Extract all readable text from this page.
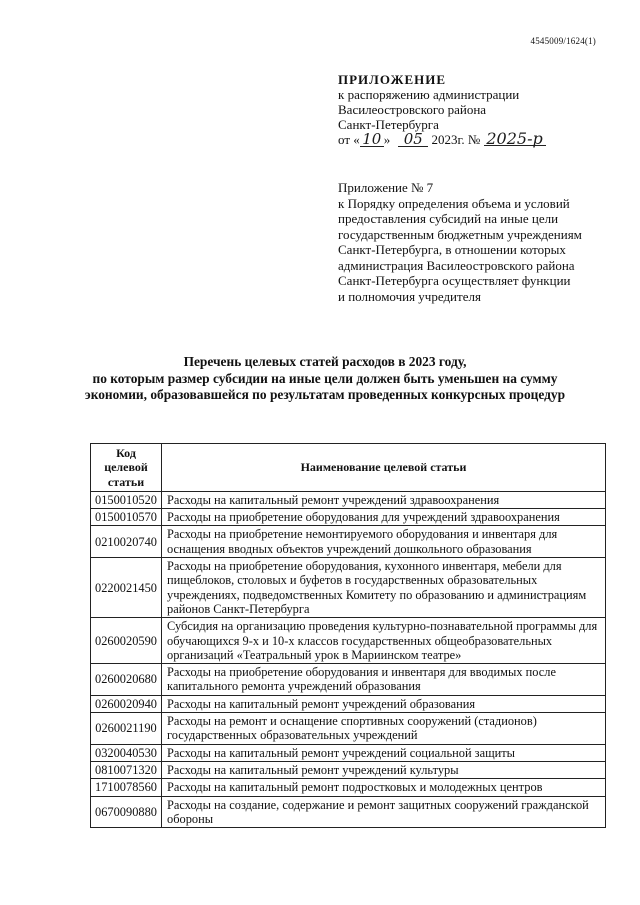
4545009/1624(1)
ПРИЛОЖЕНИЕ
к распоряжению администрации
Василеостровского района
Санкт-Петербурга
от « 10 » 05 2023г. № 2025-р
Приложение № 7
к Порядку определения объема и условий
предоставления субсидий на иные цели
государственным бюджетным учреждениям
Санкт-Петербурга, в отношении которых
администрация Василеостровского района
Санкт-Петербурга осуществляет функции
и полномочия учредителя
Перечень целевых статей расходов в 2023 году,
по которым размер субсидии на иные цели должен быть уменьшен на сумму
экономии, образовавшейся по результатам проведенных конкурсных процедур
Код целевой статьи	Наименование целевой статьи
0150010520	Расходы на капитальный ремонт учреждений здравоохранения
0150010570	Расходы на приобретение оборудования для учреждений здравоохранения
0210020740	Расходы на приобретение немонтируемого оборудования и инвентаря для оснащения вводных объектов учреждений дошкольного образования
0220021450	Расходы на приобретение оборудования, кухонного инвентаря, мебели для пищеблоков, столовых и буфетов в государственных образовательных учреждениях, подведомственных Комитету по образованию и администрациям районов Санкт-Петербурга
0260020590	Субсидия на организацию проведения культурно-познавательной программы для обучающихся 9-х и 10-х классов государственных общеобразовательных организаций «Театральный урок в Мариинском театре»
0260020680	Расходы на приобретение оборудования и инвентаря для вводимых после капитального ремонта учреждений образования
0260020940	Расходы на капитальный ремонт учреждений образования
0260021190	Расходы на ремонт и оснащение спортивных сооружений (стадионов) государственных образовательных учреждений
0320040530	Расходы на капитальный ремонт учреждений социальной защиты
0810071320	Расходы на капитальный ремонт учреждений культуры
1710078560	Расходы на капитальный ремонт подростковых и молодежных центров
0670090880	Расходы на создание, содержание и ремонт защитных сооружений гражданской обороны
